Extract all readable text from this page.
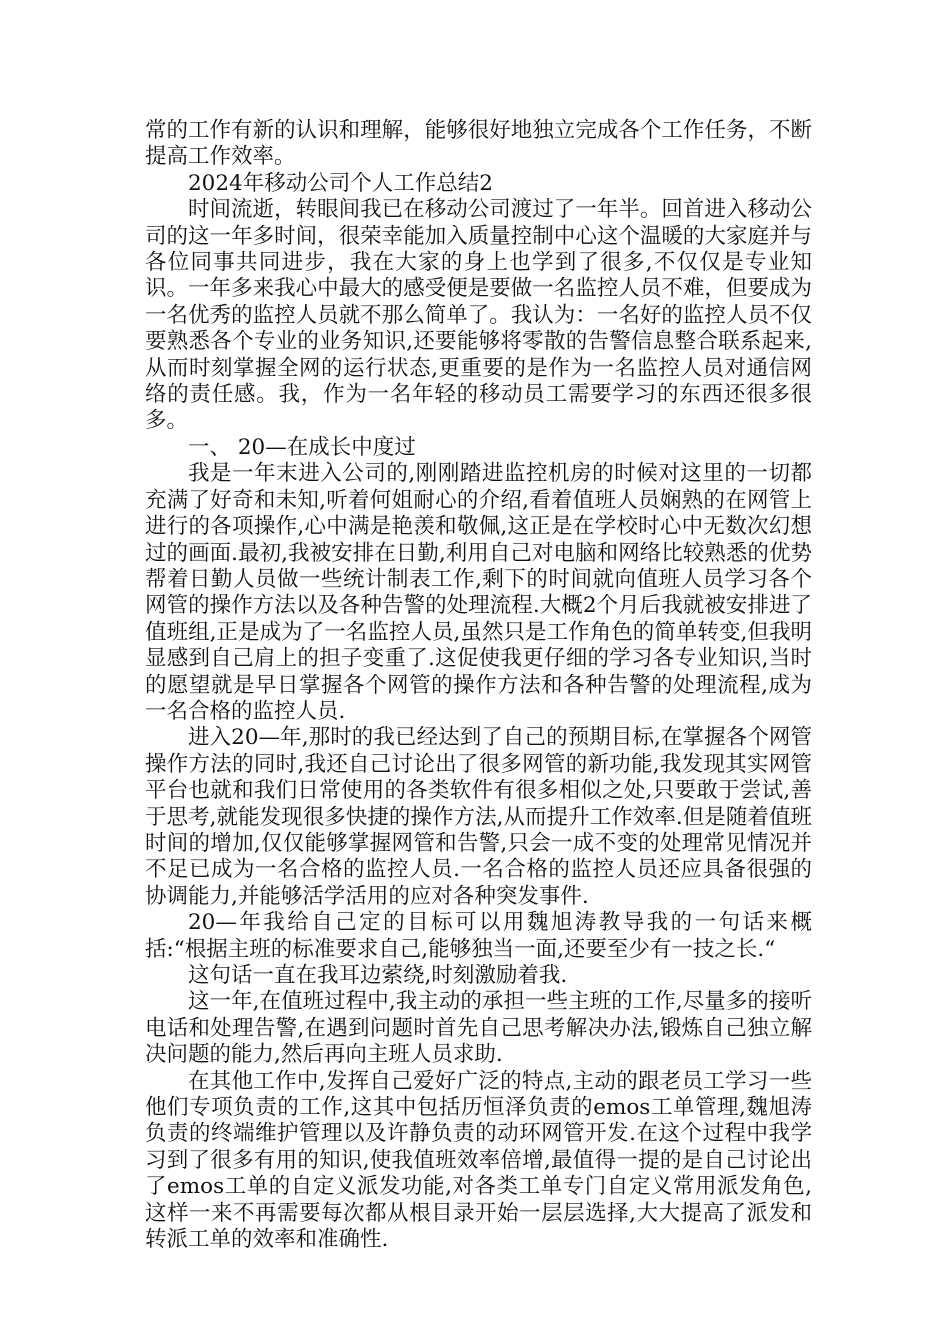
常的工作有新的认识和理解，能够很好地独立完成各个工作任务，不断提高工作效率。

2024年移动公司个人工作总结2

时间流逝，转眼间我已在移动公司渡过了一年半。回首进入移动公司的这一年多时间，很荣幸能加入质量控制中心这个温暖的大家庭并与各位同事共同进步，我在大家的身上也学到了很多,不仅仅是专业知识。一年多来我心中最大的感受便是要做一名监控人员不难，但要成为一名优秀的监控人员就不那么简单了。我认为：一名好的监控人员不仅要熟悉各个专业的业务知识,还要能够将零散的告警信息整合联系起来,从而时刻掌握全网的运行状态,更重要的是作为一名监控人员对通信网络的责任感。我，作为一名年轻的移动员工需要学习的东西还很多很多。

一、 20—在成长中度过

我是一年末进入公司的,刚刚踏进监控机房的时候对这里的一切都充满了好奇和未知,听着何姐耐心的介绍,看着值班人员娴熟的在网管上进行的各项操作,心中满是艳羡和敬佩,这正是在学校时心中无数次幻想过的画面.最初,我被安排在日勤,利用自己对电脑和网络比较熟悉的优势帮着日勤人员做一些统计制表工作,剩下的时间就向值班人员学习各个网管的操作方法以及各种告警的处理流程.大概2个月后我就被安排进了值班组,正是成为了一名监控人员,虽然只是工作角色的简单转变,但我明显感到自己肩上的担子变重了.这促使我更仔细的学习各专业知识,当时的愿望就是早日掌握各个网管的操作方法和各种告警的处理流程,成为一名合格的监控人员.

进入20—年,那时的我已经达到了自己的预期目标,在掌握各个网管操作方法的同时,我还自己讨论出了很多网管的新功能,我发现其实网管平台也就和我们日常使用的各类软件有很多相似之处,只要敢于尝试,善于思考,就能发现很多快捷的操作方法,从而提升工作效率.但是随着值班时间的增加,仅仅能够掌握网管和告警,只会一成不变的处理常见情况并不足已成为一名合格的监控人员.一名合格的监控人员还应具备很强的协调能力,并能够活学活用的应对各种突发事件.

20—年我给自己定的目标可以用魏旭涛教导我的一句话来概括:“根据主班的标准要求自己,能够独当一面,还要至少有一技之长.“

这句话一直在我耳边萦绕,时刻激励着我.

这一年,在值班过程中,我主动的承担一些主班的工作,尽量多的接听电话和处理告警,在遇到问题时首先自己思考解决办法,锻炼自己独立解决问题的能力,然后再向主班人员求助.

在其他工作中,发挥自己爱好广泛的特点,主动的跟老员工学习一些他们专项负责的工作,这其中包括历恒泽负责的emos工单管理,魏旭涛负责的终端维护管理以及许静负责的动环网管开发.在这个过程中我学习到了很多有用的知识,使我值班效率倍增,最值得一提的是自己讨论出了emos工单的自定义派发功能,对各类工单专门自定义常用派发角色,这样一来不再需要每次都从根目录开始一层层选择,大大提高了派发和转派工单的效率和准确性.
